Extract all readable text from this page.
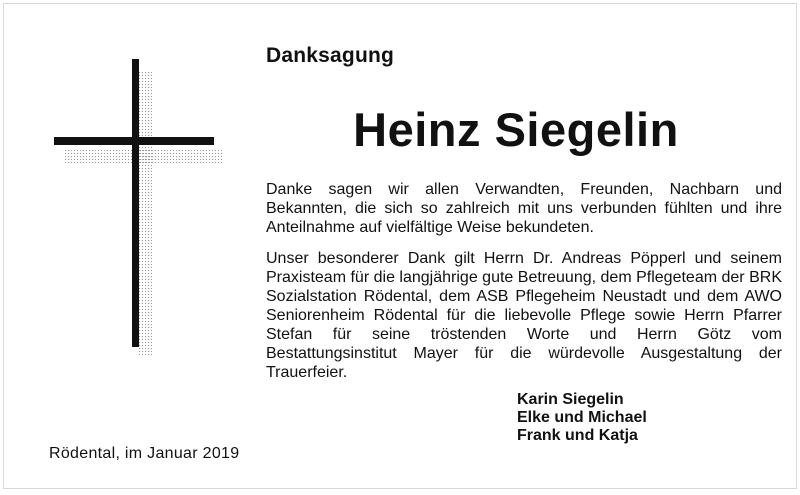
Danksagung
Heinz Siegelin

Danke sagen wir allen Verwandten, Freunden, Nachbarn und Bekannten, die sich so zahlreich mit uns verbunden fühlten und ihre Anteilnahme auf vielfältige Weise bekundeten.

Unser besonderer Dank gilt Herrn Dr. Andreas Pöpperl und seinem Praxisteam für die langjährige gute Betreuung, dem Pflegeteam der BRK Sozialstation Rödental, dem ASB Pflegeheim Neustadt und dem AWO Seniorenheim Rödental für die liebevolle Pflege sowie Herrn Pfarrer Stefan für seine tröstenden Worte und Herrn Götz vom Bestattungsinstitut Mayer für die würdevolle Ausgestaltung der Trauerfeier.

Karin Siegelin
Elke und Michael
Frank und Katja
Rödental, im Januar 2019
